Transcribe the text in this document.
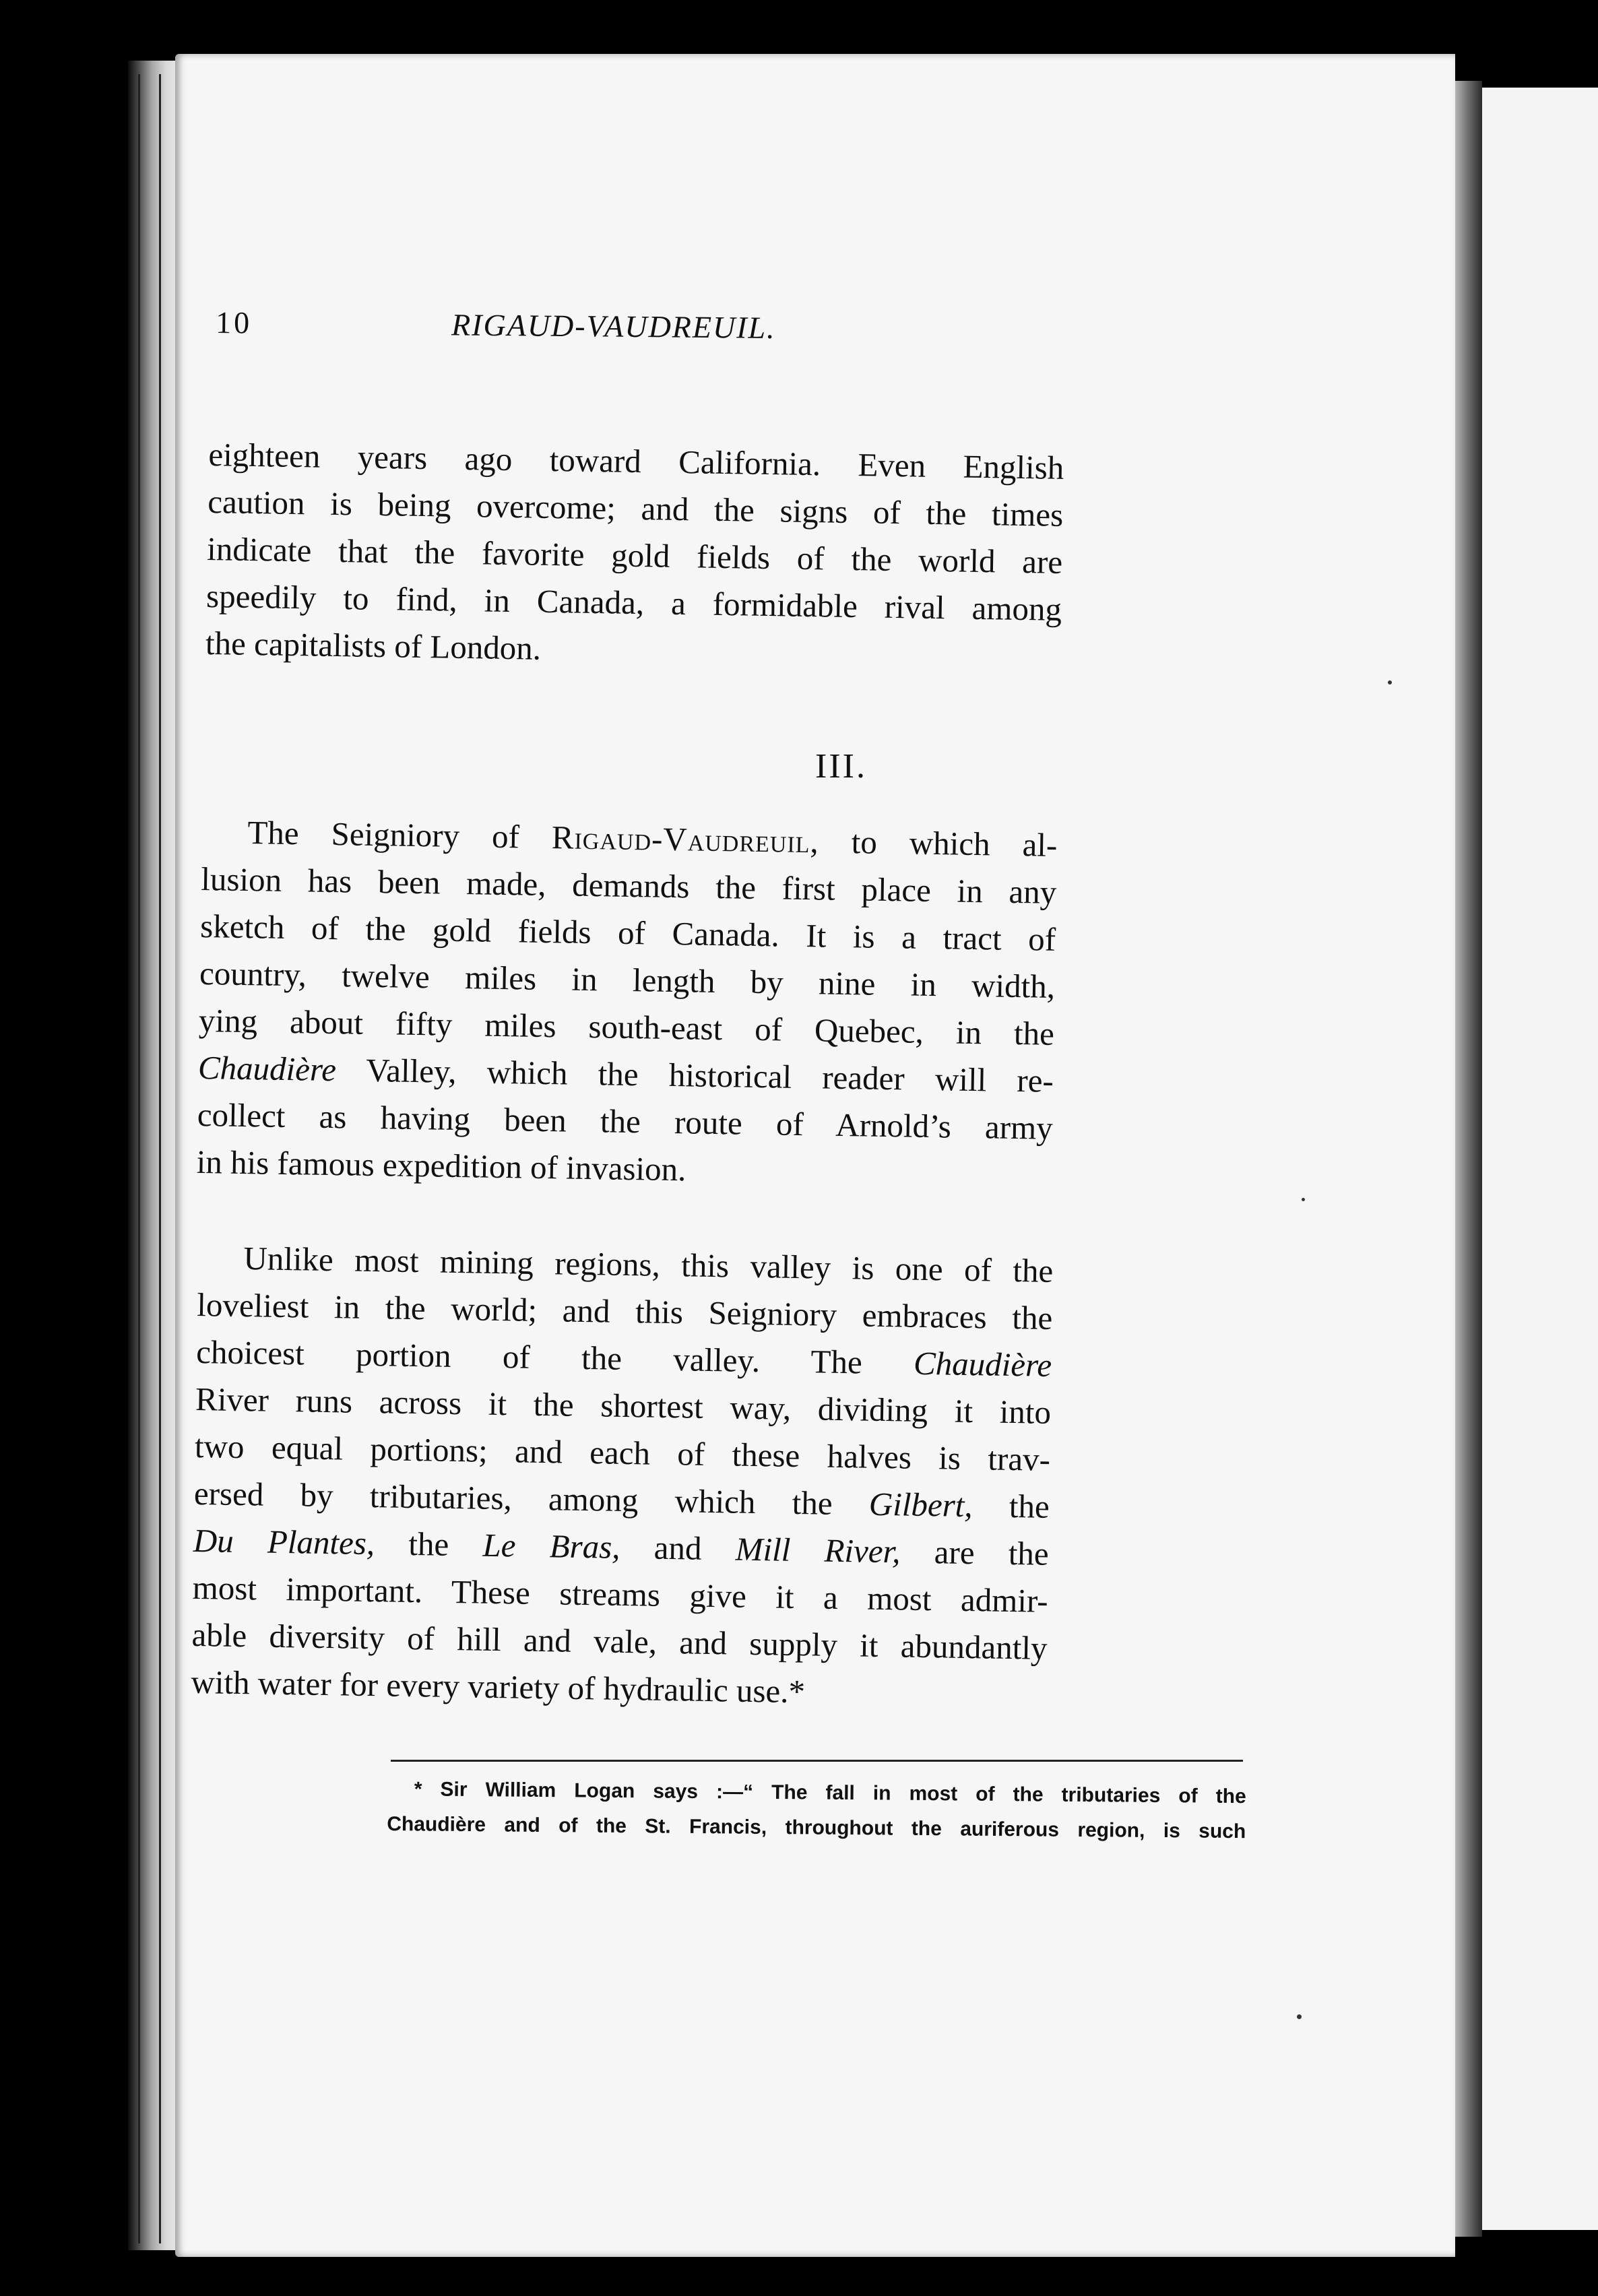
10	RIGAUD-VAUDREUIL.

eighteen years ago toward California. Even English
caution is being overcome; and the signs of the times
indicate that the favorite gold fields of the world are
speedily to find, in Canada, a formidable rival among
the capitalists of London.

III.

The Seigniory of Rigaud-Vaudreuil, to which al-
lusion has been made, demands the first place in any
sketch of the gold fields of Canada. It is a tract of
country, twelve miles in length by nine in width,
ying about fifty miles south-east of Quebec, in the
Chaudière Valley, which the historical reader will re-
collect as having been the route of Arnold’s army
in his famous expedition of invasion.

Unlike most mining regions, this valley is one of the
loveliest in the world; and this Seigniory embraces the
choicest portion of the valley. The Chaudière
River runs across it the shortest way, dividing it into
two equal portions; and each of these halves is trav-
ersed by tributaries, among which the Gilbert, the
Du Plantes, the Le Bras, and Mill River, are the
most important. These streams give it a most admir-
able diversity of hill and vale, and supply it abundantly
with water for every variety of hydraulic use.*

* Sir William Logan says :—“ The fall in most of the tributaries of the
Chaudière and of the St. Francis, throughout the auriferous region, is such
